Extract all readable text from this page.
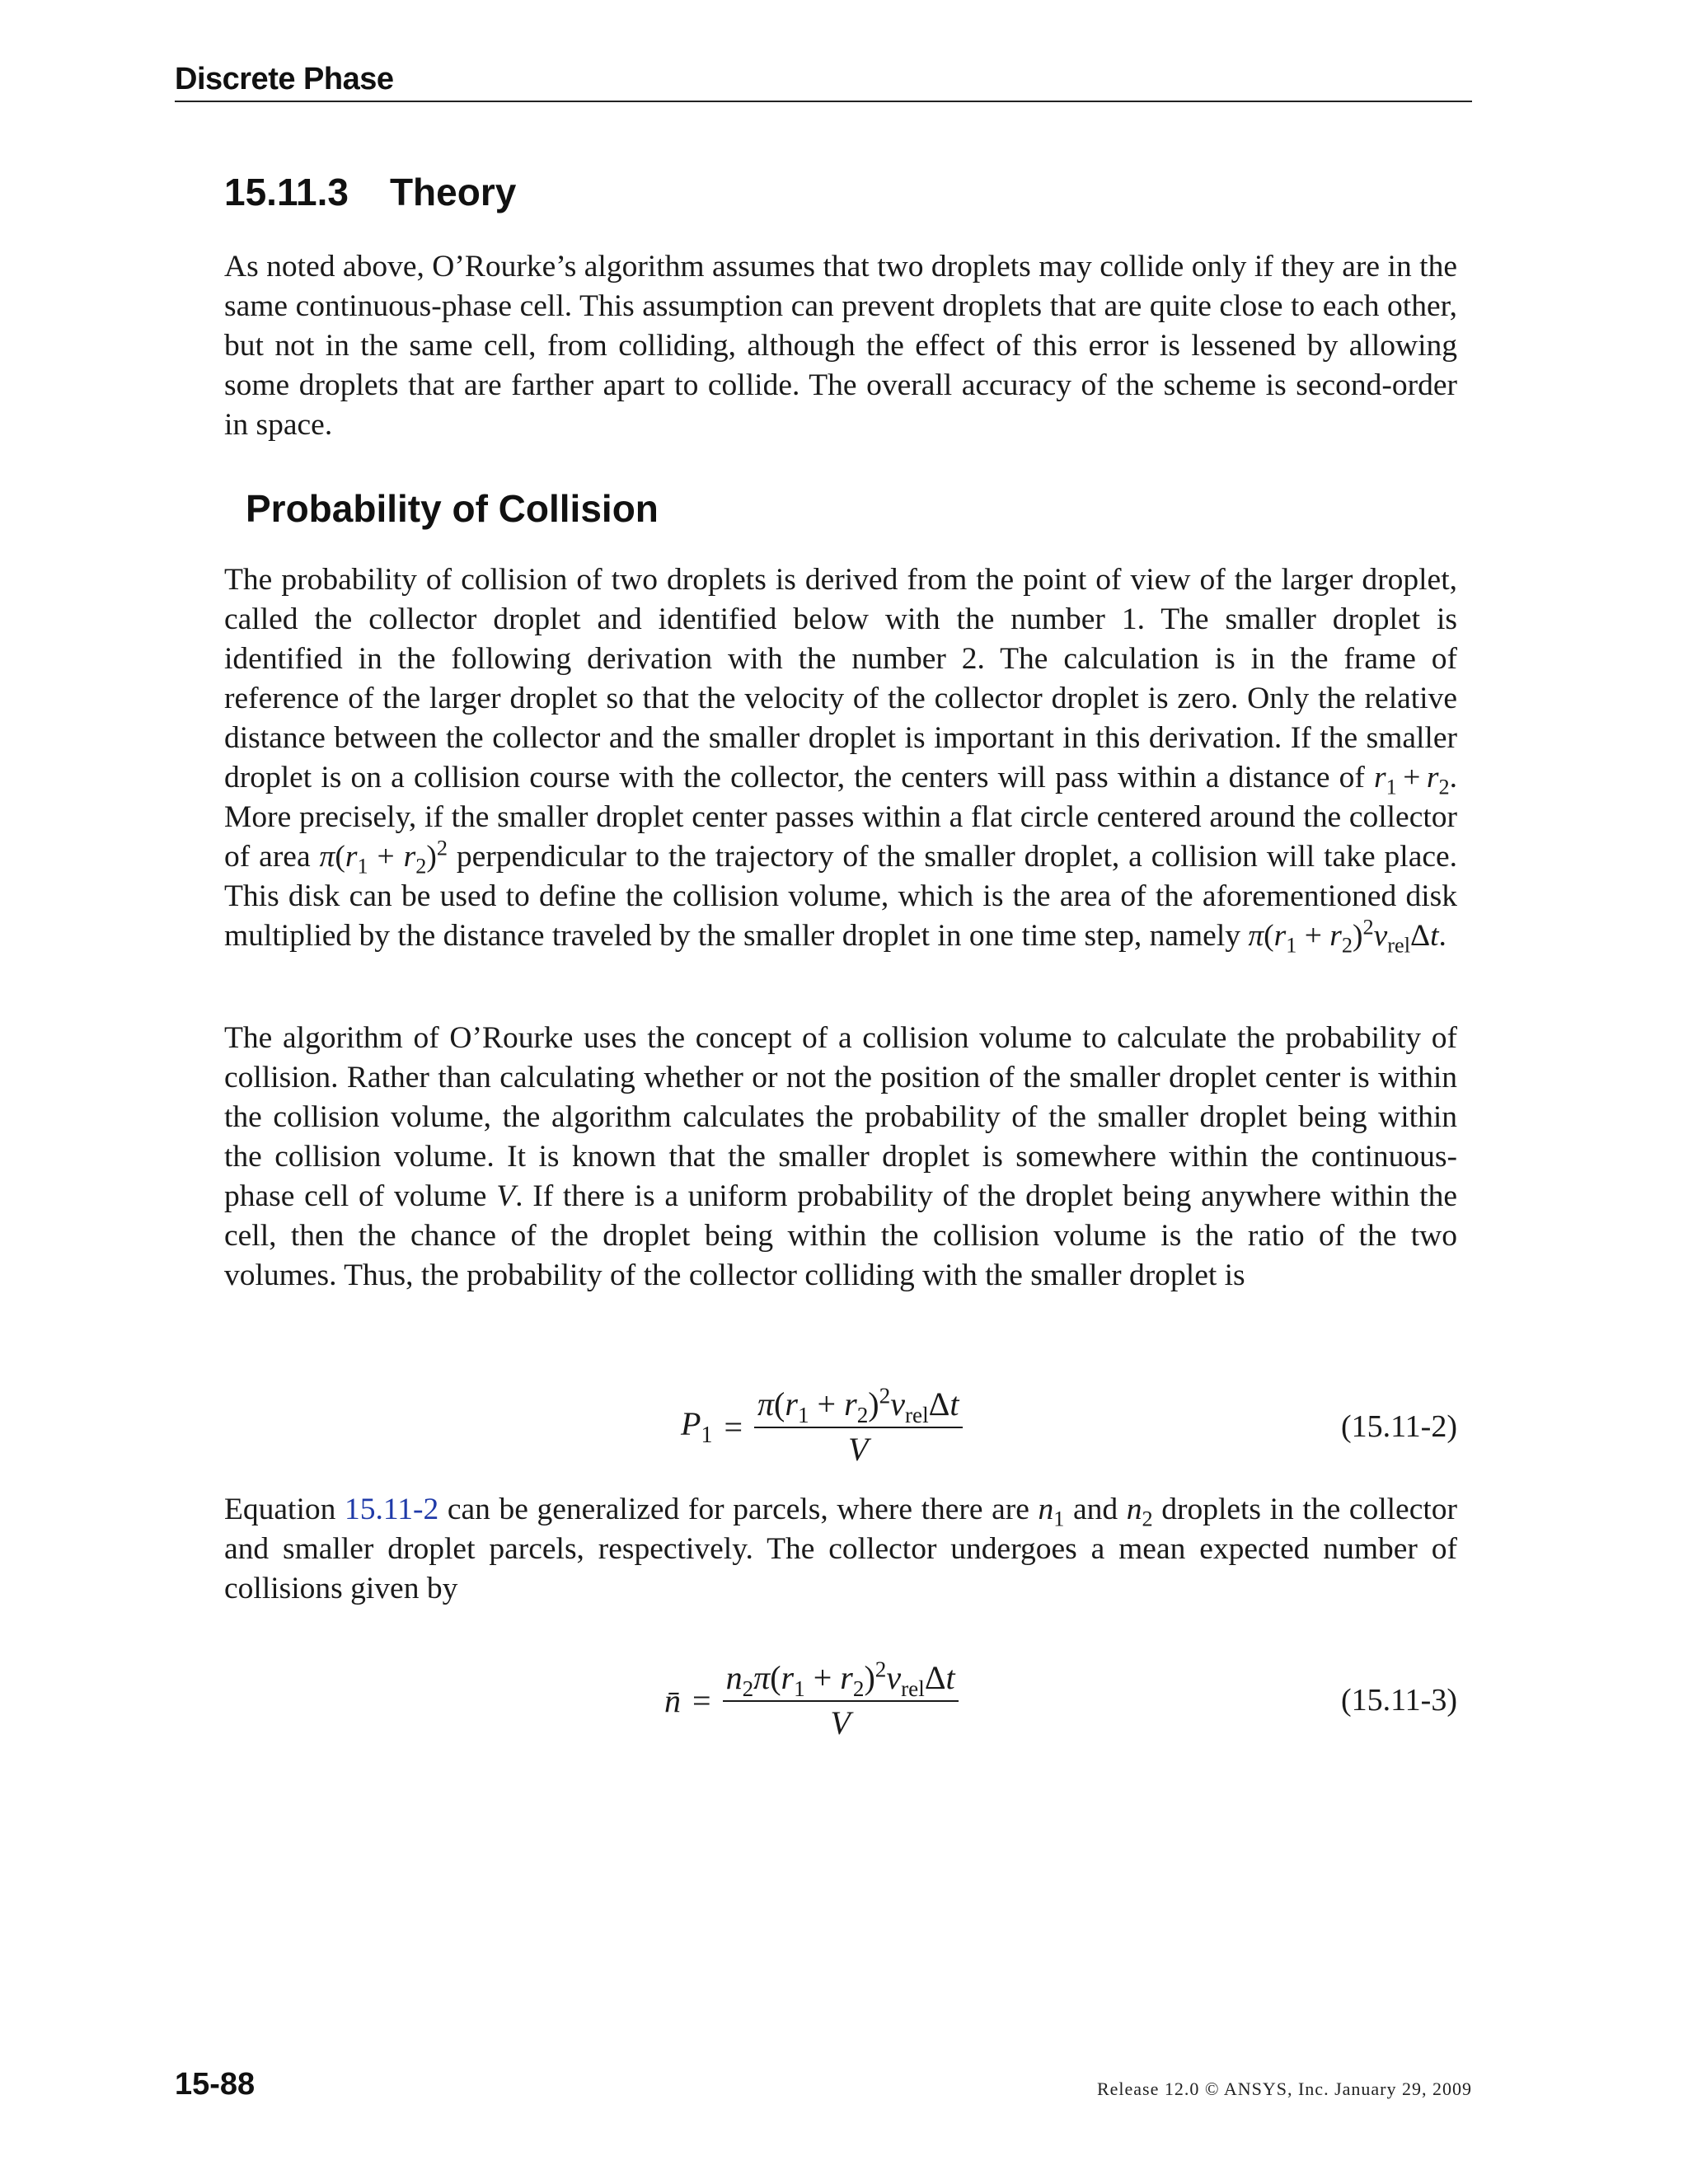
Discrete Phase
15.11.3 Theory

As noted above, O’Rourke’s algorithm assumes that two droplets may collide only if they are in the same continuous-phase cell. This assumption can prevent droplets that are quite close to each other, but not in the same cell, from colliding, although the effect of this error is lessened by allowing some droplets that are farther apart to collide. The overall accuracy of the scheme is second-order in space.

Probability of Collision

The probability of collision of two droplets is derived from the point of view of the larger droplet, called the collector droplet and identified below with the number 1. The smaller droplet is identified in the following derivation with the number 2. The calculation is in the frame of reference of the larger droplet so that the velocity of the collector droplet is zero. Only the relative distance between the collector and the smaller droplet is important in this derivation. If the smaller droplet is on a collision course with the collector, the centers will pass within a distance of $r_1 + r_2$. More precisely, if the smaller droplet center passes within a flat circle centered around the collector of area $\pi(r_1 + r_2)^2$ perpendicular to the trajectory of the smaller droplet, a collision will take place. This disk can be used to define the collision volume, which is the area of the aforementioned disk multiplied by the distance traveled by the smaller droplet in one time step, namely $\pi(r_1 + r_2)^2v_{rel}\Delta t$.

The algorithm of O’Rourke uses the concept of a collision volume to calculate the probability of collision. Rather than calculating whether or not the position of the smaller droplet center is within the collision volume, the algorithm calculates the probability of the smaller droplet being within the collision volume. It is known that the smaller droplet is somewhere within the continuous-phase cell of volume V. If there is a uniform probability of the droplet being anywhere within the cell, then the chance of the droplet being within the collision volume is the ratio of the two volumes. Thus, the probability of the collector colliding with the smaller droplet is

$P_1 = \frac{\pi(r_1 + r_2)^2v_{rel}\Delta t}{V}$	(15.11-2)

Equation 15.11-2 can be generalized for parcels, where there are $n_1$ and $n_2$ droplets in the collector and smaller droplet parcels, respectively. The collector undergoes a mean expected number of collisions given by

n̄ = $\frac{n_2\pi(r_1 + r_2)^2v_{rel}\Delta t}{V}$	(15.11-3)
15-88	Release 12.0 © ANSYS, Inc. January 29, 2009
